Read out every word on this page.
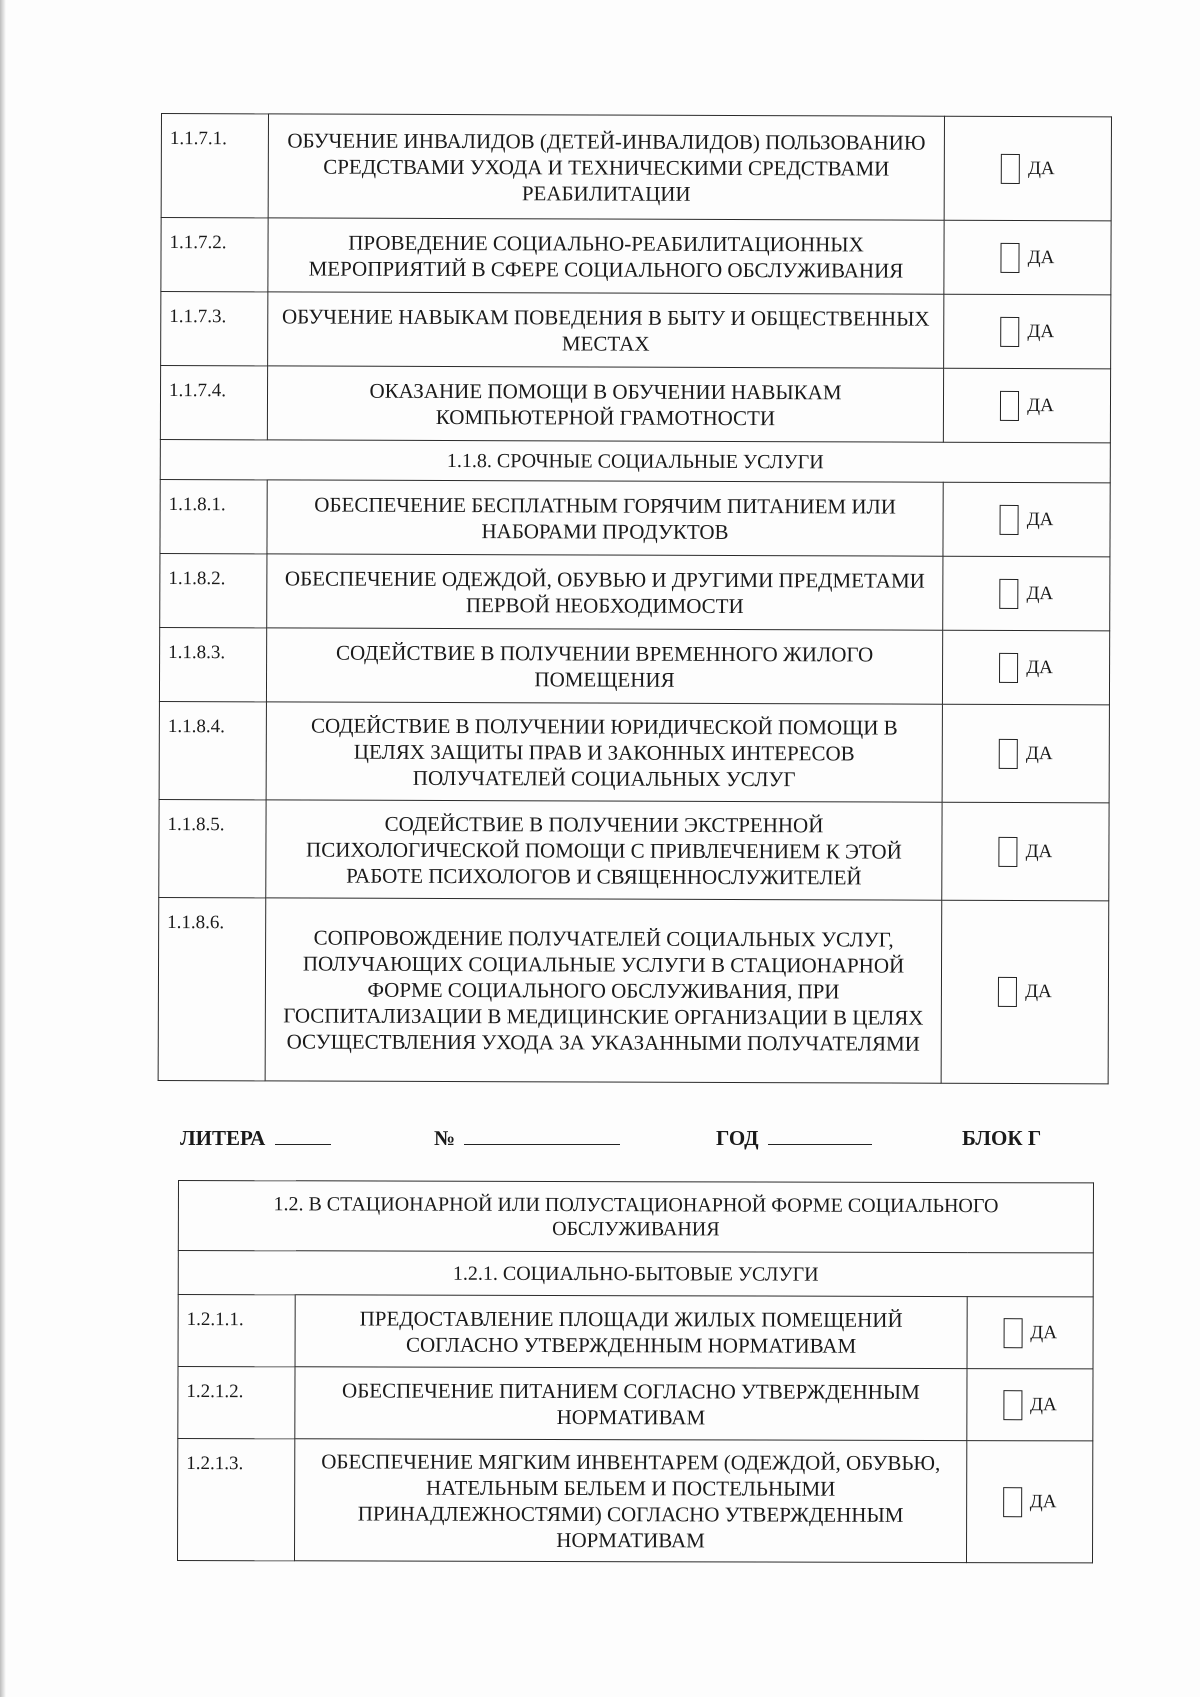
1.1.7.1.	ОБУЧЕНИЕ ИНВАЛИДОВ (ДЕТЕЙ-ИНВАЛИДОВ) ПОЛЬЗОВАНИЮ СРЕДСТВАМИ УХОДА И ТЕХНИЧЕСКИМИ СРЕДСТВАМИ РЕАБИЛИТАЦИИ	ДА
1.1.7.2.	ПРОВЕДЕНИЕ СОЦИАЛЬНО-РЕАБИЛИТАЦИОННЫХ МЕРОПРИЯТИЙ В СФЕРЕ СОЦИАЛЬНОГО ОБСЛУЖИВАНИЯ	ДА
1.1.7.3.	ОБУЧЕНИЕ НАВЫКАМ ПОВЕДЕНИЯ В БЫТУ И ОБЩЕСТВЕННЫХ МЕСТАХ	ДА
1.1.7.4.	ОКАЗАНИЕ ПОМОЩИ В ОБУЧЕНИИ НАВЫКАМ КОМПЬЮТЕРНОЙ ГРАМОТНОСТИ	ДА
1.1.8. СРОЧНЫЕ СОЦИАЛЬНЫЕ УСЛУГИ		
1.1.8.1.	ОБЕСПЕЧЕНИЕ БЕСПЛАТНЫМ ГОРЯЧИМ ПИТАНИЕМ ИЛИ НАБОРАМИ ПРОДУКТОВ	ДА
1.1.8.2.	ОБЕСПЕЧЕНИЕ ОДЕЖДОЙ, ОБУВЬЮ И ДРУГИМИ ПРЕДМЕТАМИ ПЕРВОЙ НЕОБХОДИМОСТИ	ДА
1.1.8.3.	СОДЕЙСТВИЕ В ПОЛУЧЕНИИ ВРЕМЕННОГО ЖИЛОГО ПОМЕЩЕНИЯ	ДА
1.1.8.4.	СОДЕЙСТВИЕ В ПОЛУЧЕНИИ ЮРИДИЧЕСКОЙ ПОМОЩИ В ЦЕЛЯХ ЗАЩИТЫ ПРАВ И ЗАКОННЫХ ИНТЕРЕСОВ ПОЛУЧАТЕЛЕЙ СОЦИАЛЬНЫХ УСЛУГ	ДА
1.1.8.5.	СОДЕЙСТВИЕ В ПОЛУЧЕНИИ ЭКСТРЕННОЙ ПСИХОЛОГИЧЕСКОЙ ПОМОЩИ С ПРИВЛЕЧЕНИЕМ К ЭТОЙ РАБОТЕ ПСИХОЛОГОВ И СВЯЩЕННОСЛУЖИТЕЛЕЙ	ДА
1.1.8.6.	СОПРОВОЖДЕНИЕ ПОЛУЧАТЕЛЕЙ СОЦИАЛЬНЫХ УСЛУГ, ПОЛУЧАЮЩИХ СОЦИАЛЬНЫЕ УСЛУГИ В СТАЦИОНАРНОЙ ФОРМЕ СОЦИАЛЬНОГО ОБСЛУЖИВАНИЯ, ПРИ ГОСПИТАЛИЗАЦИИ В МЕДИЦИНСКИЕ ОРГАНИЗАЦИИ В ЦЕЛЯХ ОСУЩЕСТВЛЕНИЯ УХОДА ЗА УКАЗАННЫМИ ПОЛУЧАТЕЛЯМИ	ДА
ЛИТЕРА	№	ГОД	БЛОК Г
1.2. В СТАЦИОНАРНОЙ ИЛИ ПОЛУСТАЦИОНАРНОЙ ФОРМЕ СОЦИАЛЬНОГО ОБСЛУЖИВАНИЯ		
1.2.1. СОЦИАЛЬНО-БЫТОВЫЕ УСЛУГИ		
1.2.1.1.	ПРЕДОСТАВЛЕНИЕ ПЛОЩАДИ ЖИЛЫХ ПОМЕЩЕНИЙ СОГЛАСНО УТВЕРЖДЕННЫМ НОРМАТИВАМ	ДА
1.2.1.2.	ОБЕСПЕЧЕНИЕ ПИТАНИЕМ СОГЛАСНО УТВЕРЖДЕННЫМ НОРМАТИВАМ	ДА
1.2.1.3.	ОБЕСПЕЧЕНИЕ МЯГКИМ ИНВЕНТАРЕМ (ОДЕЖДОЙ, ОБУВЬЮ, НАТЕЛЬНЫМ БЕЛЬЕМ И ПОСТЕЛЬНЫМИ ПРИНАДЛЕЖНОСТЯМИ) СОГЛАСНО УТВЕРЖДЕННЫМ НОРМАТИВАМ	ДА
